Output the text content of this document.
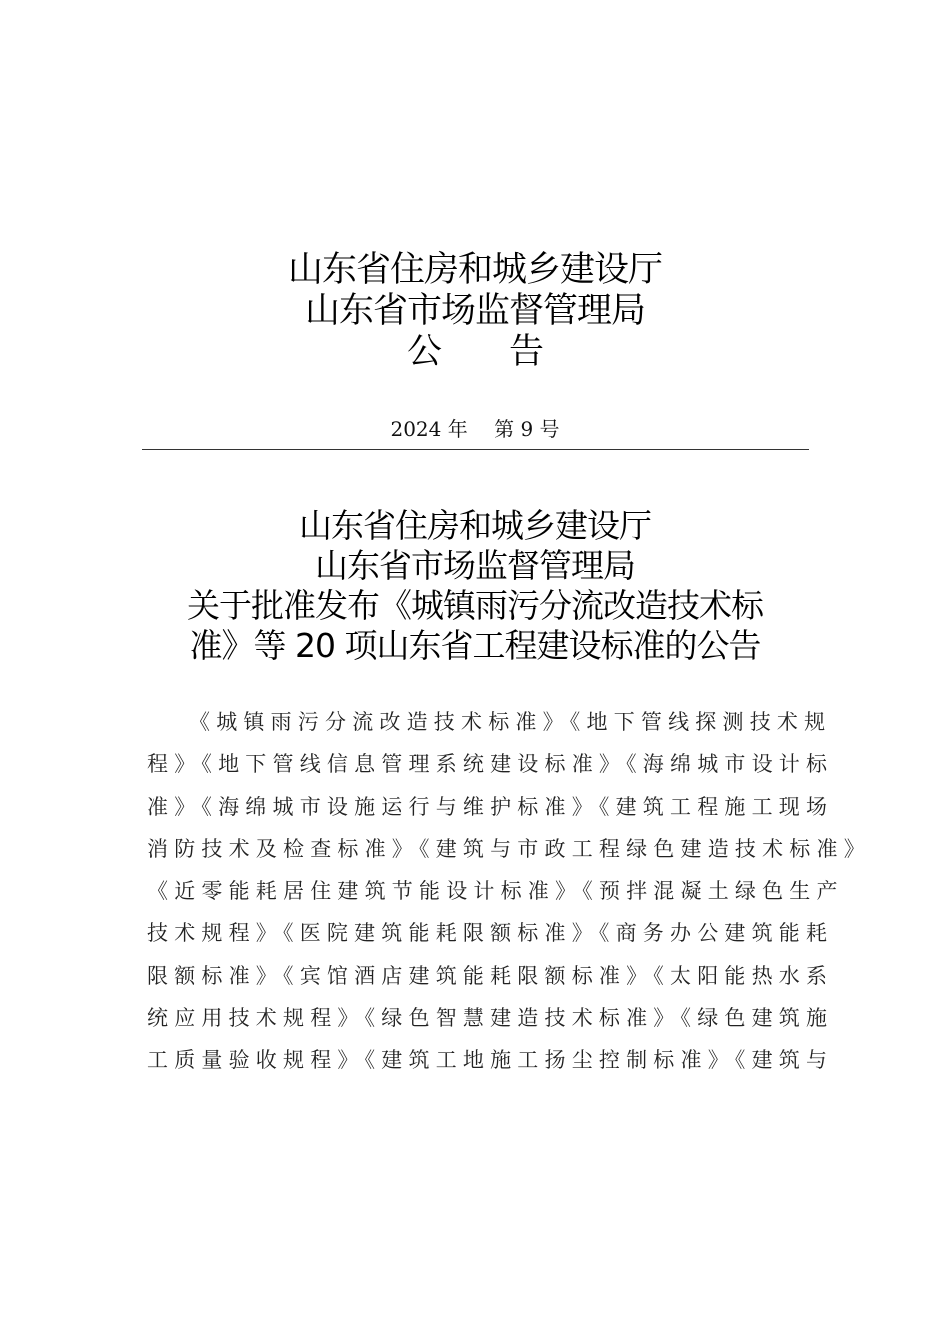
山东省住房和城乡建设厅
山东省市场监督管理局
公　　告
2024 年　 第 9 号
山东省住房和城乡建设厅
山东省市场监督管理局
关于批准发布《城镇雨污分流改造技术标
准》等 20 项山东省工程建设标准的公告
《城镇雨污分流改造技术标准》《地下管线探测技术规
程》《地下管线信息管理系统建设标准》《海绵城市设计标
准》《海绵城市设施运行与维护标准》《建筑工程施工现场
消防技术及检查标准》《建筑与市政工程绿色建造技术标准》
《近零能耗居住建筑节能设计标准》《预拌混凝土绿色生产
技术规程》《医院建筑能耗限额标准》《商务办公建筑能耗
限额标准》《宾馆酒店建筑能耗限额标准》《太阳能热水系
统应用技术规程》《绿色智慧建造技术标准》《绿色建筑施
工质量验收规程》《建筑工地施工扬尘控制标准》《建筑与
